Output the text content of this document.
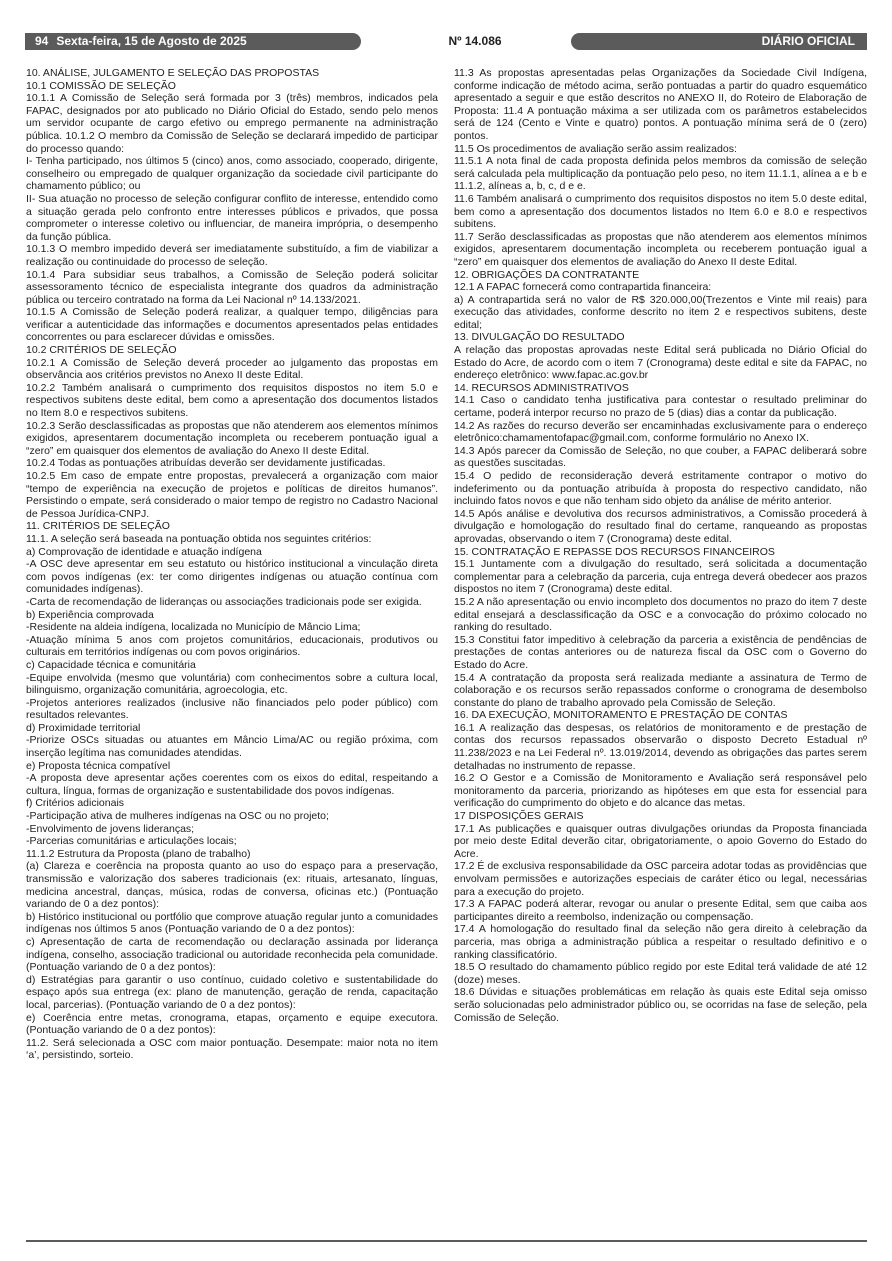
94 Sexta-feira, 15 de Agosto de 2025	Nº 14.086	DIÁRIO OFICIAL

10. ANÁLISE, JULGAMENTO E SELEÇÃO DAS PROPOSTAS

10.1 COMISSÃO DE SELEÇÃO

10.1.1 A Comissão de Seleção será formada por 3 (três) membros, indicados pela FAPAC, designados por ato publicado no Diário Oficial do Estado, sendo pelo menos um servidor ocupante de cargo efetivo ou emprego permanente na administração pública. 10.1.2 O membro da Comissão de Seleção se declarará impedido de participar do processo quando:

I- Tenha participado, nos últimos 5 (cinco) anos, como associado, cooperado, dirigente, conselheiro ou empregado de qualquer organização da sociedade civil participante do chamamento público; ou

II- Sua atuação no processo de seleção configurar conflito de interesse, entendido como a situação gerada pelo confronto entre interesses públicos e privados, que possa comprometer o interesse coletivo ou influenciar, de maneira imprópria, o desempenho da função pública.

10.1.3 O membro impedido deverá ser imediatamente substituído, a fim de viabilizar a realização ou continuidade do processo de seleção.

10.1.4 Para subsidiar seus trabalhos, a Comissão de Seleção poderá solicitar assessoramento técnico de especialista integrante dos quadros da administração pública ou terceiro contratado na forma da Lei Nacional nº 14.133/2021.

10.1.5 A Comissão de Seleção poderá realizar, a qualquer tempo, diligências para verificar a autenticidade das informações e documentos apresentados pelas entidades concorrentes ou para esclarecer dúvidas e omissões.

10.2 CRITÉRIOS DE SELEÇÃO

10.2.1 A Comissão de Seleção deverá proceder ao julgamento das propostas em observância aos critérios previstos no Anexo II deste Edital.

10.2.2 Também analisará o cumprimento dos requisitos dispostos no item 5.0 e respectivos subitens deste edital, bem como a apresentação dos documentos listados no Item 8.0 e respectivos subitens.

10.2.3 Serão desclassificadas as propostas que não atenderem aos elementos mínimos exigidos, apresentarem documentação incompleta ou receberem pontuação igual a “zero” em quaisquer dos elementos de avaliação do Anexo II deste Edital.

10.2.4 Todas as pontuações atribuídas deverão ser devidamente justificadas.

10.2.5 Em caso de empate entre propostas, prevalecerá a organização com maior “tempo de experiência na execução de projetos e políticas de direitos humanos”. Persistindo o empate, será considerado o maior tempo de registro no Cadastro Nacional de Pessoa Jurídica-CNPJ.

11. CRITÉRIOS DE SELEÇÃO

11.1. A seleção será baseada na pontuação obtida nos seguintes critérios:

a) Comprovação de identidade e atuação indígena

-A OSC deve apresentar em seu estatuto ou histórico institucional a vinculação direta com povos indígenas (ex: ter como dirigentes indígenas ou atuação contínua com comunidades indígenas).

-Carta de recomendação de lideranças ou associações tradicionais pode ser exigida.

b) Experiência comprovada

-Residente na aldeia indígena, localizada no Município de Mâncio Lima;

-Atuação mínima 5 anos com projetos comunitários, educacionais, produtivos ou culturais em territórios indígenas ou com povos originários.

c) Capacidade técnica e comunitária

-Equipe envolvida (mesmo que voluntária) com conhecimentos sobre a cultura local, bilinguismo, organização comunitária, agroecologia, etc.

-Projetos anteriores realizados (inclusive não financiados pelo poder público) com resultados relevantes.

d) Proximidade territorial

-Priorize OSCs situadas ou atuantes em Mâncio Lima/AC ou região próxima, com inserção legítima nas comunidades atendidas.

e) Proposta técnica compatível

-A proposta deve apresentar ações coerentes com os eixos do edital, respeitando a cultura, língua, formas de organização e sustentabilidade dos povos indígenas.

f) Critérios adicionais

-Participação ativa de mulheres indígenas na OSC ou no projeto;

-Envolvimento de jovens lideranças;

-Parcerias comunitárias e articulações locais;

11.1.2 Estrutura da Proposta (plano de trabalho)

(a) Clareza e coerência na proposta quanto ao uso do espaço para a preservação, transmissão e valorização dos saberes tradicionais (ex: rituais, artesanato, línguas, medicina ancestral, danças, música, rodas de conversa, oficinas etc.) (Pontuação variando de 0 a dez pontos):

b) Histórico institucional ou portfólio que comprove atuação regular junto a comunidades indígenas nos últimos 5 anos (Pontuação variando de 0 a dez pontos):

c) Apresentação de carta de recomendação ou declaração assinada por liderança indígena, conselho, associação tradicional ou autoridade reconhecida pela comunidade. (Pontuação variando de 0 a dez pontos):

d) Estratégias para garantir o uso contínuo, cuidado coletivo e sustentabilidade do espaço após sua entrega (ex: plano de manutenção, geração de renda, capacitação local, parcerias). (Pontuação variando de 0 a dez pontos):

e) Coerência entre metas, cronograma, etapas, orçamento e equipe executora. (Pontuação variando de 0 a dez pontos):

11.2. Será selecionada a OSC com maior pontuação. Desempate: maior nota no item ‘a’, persistindo, sorteio.

11.3 As propostas apresentadas pelas Organizações da Sociedade Civil Indígena, conforme indicação de método acima, serão pontuadas a partir do quadro esquemático apresentado a seguir e que estão descritos no ANEXO II, do Roteiro de Elaboração de Proposta: 11.4 A pontuação máxima a ser utilizada com os parâmetros estabelecidos será de 124 (Cento e Vinte e quatro) pontos. A pontuação mínima será de 0 (zero) pontos.

11.5 Os procedimentos de avaliação serão assim realizados:

11.5.1 A nota final de cada proposta definida pelos membros da comissão de seleção será calculada pela multiplicação da pontuação pelo peso, no item 11.1.1, alínea a e b e 11.1.2, alíneas a, b, c, d e e.

11.6 Também analisará o cumprimento dos requisitos dispostos no item 5.0 deste edital, bem como a apresentação dos documentos listados no Item 6.0 e 8.0 e respectivos subitens.

11.7 Serão desclassificadas as propostas que não atenderem aos elementos mínimos exigidos, apresentarem documentação incompleta ou receberem pontuação igual a “zero” em quaisquer dos elementos de avaliação do Anexo II deste Edital.

12. OBRIGAÇÕES DA CONTRATANTE

12.1 A FAPAC fornecerá como contrapartida financeira:

a) A contrapartida será no valor de R$ 320.000,00(Trezentos e Vinte mil reais) para execução das atividades, conforme descrito no item 2 e respectivos subitens, deste edital;

13. DIVULGAÇÃO DO RESULTADO

A relação das propostas aprovadas neste Edital será publicada no Diário Oficial do Estado do Acre, de acordo com o item 7 (Cronograma) deste edital e site da FAPAC, no endereço eletrônico: www.fapac.ac.gov.br

14. RECURSOS ADMINISTRATIVOS

14.1 Caso o candidato tenha justificativa para contestar o resultado preliminar do certame, poderá interpor recurso no prazo de 5 (dias) dias a contar da publicação.

14.2 As razões do recurso deverão ser encaminhadas exclusivamente para o endereço eletrônico:chamamentofapac@gmail.com, conforme formulário no Anexo IX.

14.3 Após parecer da Comissão de Seleção, no que couber, a FAPAC deliberará sobre as questões suscitadas.

15.4 O pedido de reconsideração deverá estritamente contrapor o motivo do indeferimento ou da pontuação atribuída à proposta do respectivo candidato, não incluindo fatos novos e que não tenham sido objeto da análise de mérito anterior.

14.5 Após análise e devolutiva dos recursos administrativos, a Comissão procederá à divulgação e homologação do resultado final do certame, ranqueando as propostas aprovadas, observando o item 7 (Cronograma) deste edital.

15. CONTRATAÇÃO E REPASSE DOS RECURSOS FINANCEIROS

15.1 Juntamente com a divulgação do resultado, será solicitada a documentação complementar para a celebração da parceria, cuja entrega deverá obedecer aos prazos dispostos no item 7 (Cronograma) deste edital.

15.2 A não apresentação ou envio incompleto dos documentos no prazo do item 7 deste edital ensejará a desclassificação da OSC e a convocação do próximo colocado no ranking do resultado.

15.3 Constitui fator impeditivo à celebração da parceria a existência de pendências de prestações de contas anteriores ou de natureza fiscal da OSC com o Governo do Estado do Acre.

15.4 A contratação da proposta será realizada mediante a assinatura de Termo de colaboração e os recursos serão repassados conforme o cronograma de desembolso constante do plano de trabalho aprovado pela Comissão de Seleção.

16. DA EXECUÇÃO, MONITORAMENTO E PRESTAÇÃO DE CONTAS

16.1 A realização das despesas, os relatórios de monitoramento e de prestação de contas dos recursos repassados observarão o disposto Decreto Estadual nº 11.238/2023 e na Lei Federal nº. 13.019/2014, devendo as obrigações das partes serem detalhadas no instrumento de repasse.

16.2 O Gestor e a Comissão de Monitoramento e Avaliação será responsável pelo monitoramento da parceria, priorizando as hipóteses em que esta for essencial para verificação do cumprimento do objeto e do alcance das metas.

17 DISPOSIÇÕES GERAIS

17.1 As publicações e quaisquer outras divulgações oriundas da Proposta financiada por meio deste Edital deverão citar, obrigatoriamente, o apoio Governo do Estado do Acre.

17.2 É de exclusiva responsabilidade da OSC parceira adotar todas as providências que envolvam permissões e autorizações especiais de caráter ético ou legal, necessárias para a execução do projeto.

17.3 A FAPAC poderá alterar, revogar ou anular o presente Edital, sem que caiba aos participantes direito a reembolso, indenização ou compensação.

17.4 A homologação do resultado final da seleção não gera direito à celebração da parceria, mas obriga a administração pública a respeitar o resultado definitivo e o ranking classificatório.

18.5 O resultado do chamamento público regido por este Edital terá validade de até 12 (doze) meses.

18.6 Dúvidas e situações problemáticas em relação às quais este Edital seja omisso serão solucionadas pelo administrador público ou, se ocorridas na fase de seleção, pela Comissão de Seleção.
